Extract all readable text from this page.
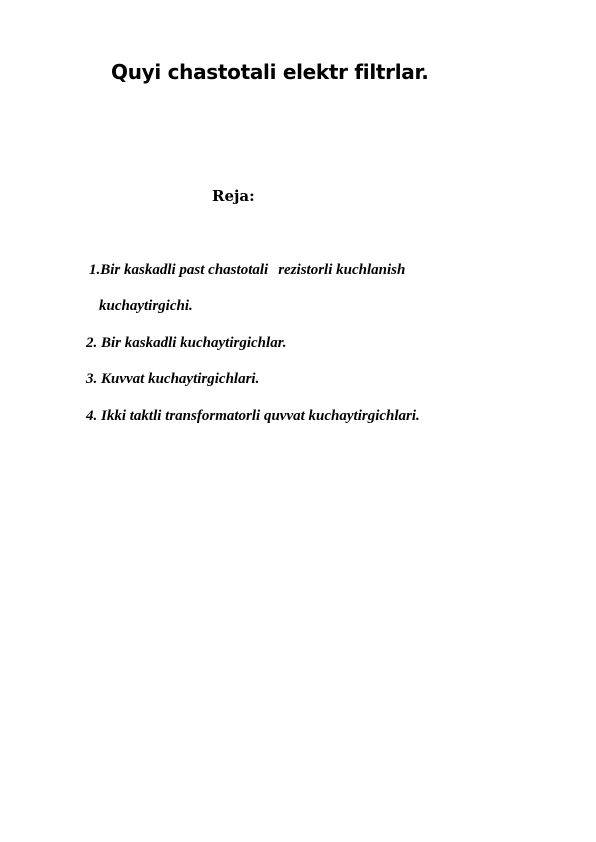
Quyi chastotali elektr filtrlar.
Reja:
1.Bir kaskadli past chastotali rezistorli kuchlanish
kuchaytirgichi.
2. Bir kaskadli kuchaytirgichlar.
3. Kuvvat kuchaytirgichlari.
4. Ikki taktli transformatorli quvvat kuchaytirgichlari.
